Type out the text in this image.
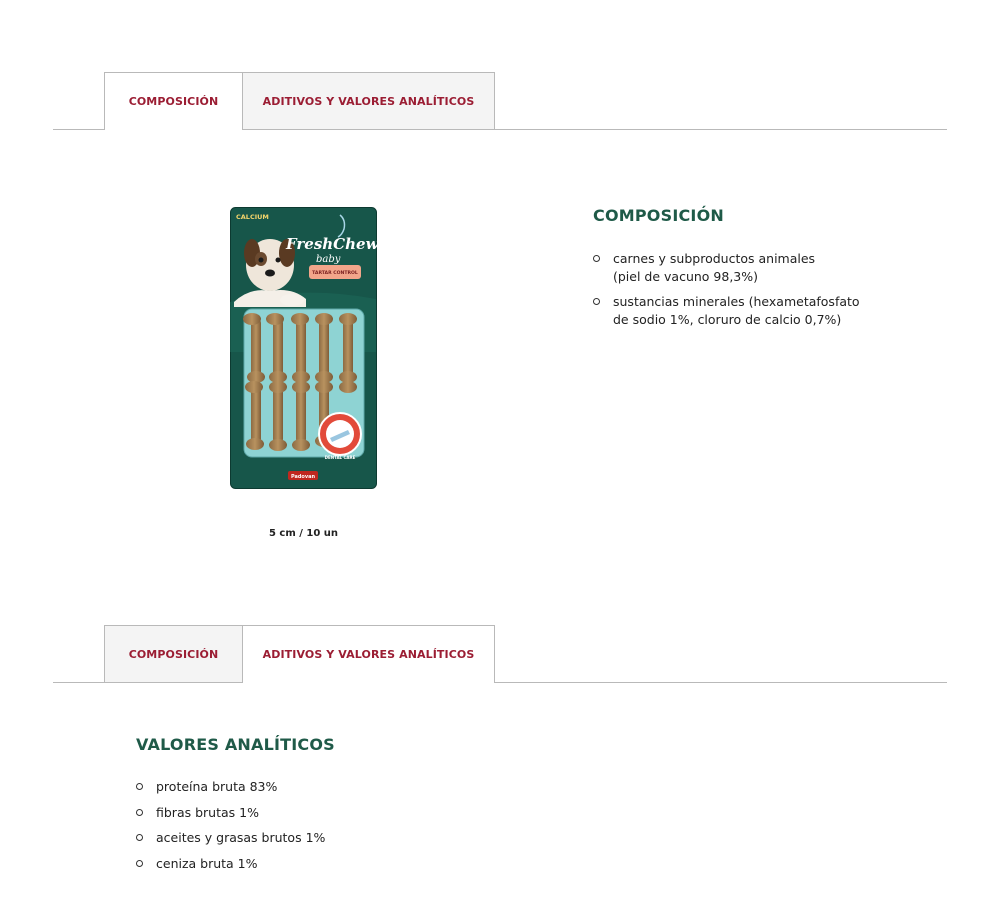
COMPOSICIÓN	ADITIVOS Y VALORES ANALÍTICOS
CALCIUM
FreshChews
baby
TARTAR CONTROL
DENTAL CARE
Padovan
5 cm / 10 un
COMPOSICIÓN
carnes y subproductos animales
(piel de vacuno 98,3%)
sustancias minerales (hexametafosfato
de sodio 1%, cloruro de calcio 0,7%)
COMPOSICIÓN	ADITIVOS Y VALORES ANALÍTICOS
VALORES ANALÍTICOS
proteína bruta 83%
fibras brutas 1%
aceites y grasas brutos 1%
ceniza bruta 1%
